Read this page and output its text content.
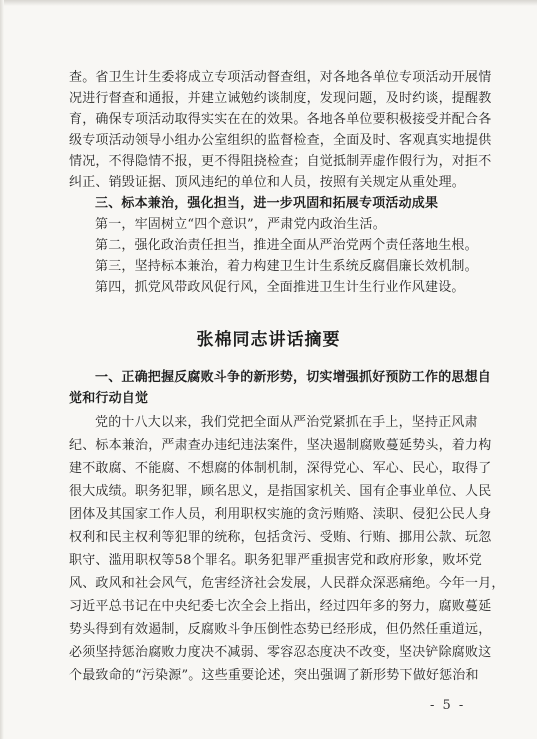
查。省卫生计生委将成立专项活动督查组，对各地各单位专项活动开展情
况进行督查和通报，并建立诫勉约谈制度，发现问题，及时约谈，提醒教
育，确保专项活动取得实实在在的效果。各地各单位要积极接受并配合各
级专项活动领导小组办公室组织的监督检查，全面及时、客观真实地提供
情况，不得隐情不报，更不得阻挠检查；自觉抵制弄虚作假行为，对拒不
纠正、销毁证据、顶风违纪的单位和人员，按照有关规定从重处理。
三、标本兼治，强化担当，进一步巩固和拓展专项活动成果
第一，牢固树立“四个意识”，严肃党内政治生活。
第二，强化政治责任担当，推进全面从严治党两个责任落地生根。
第三，坚持标本兼治，着力构建卫生计生系统反腐倡廉长效机制。
第四，抓党风带政风促行风，全面推进卫生计生行业作风建设。
张棉同志讲话摘要
一、正确把握反腐败斗争的新形势，切实增强抓好预防工作的思想自
觉和行动自觉
党的十八大以来，我们党把全面从严治党紧抓在手上，坚持正风肃
纪、标本兼治，严肃查办违纪违法案件，坚决遏制腐败蔓延势头，着力构
建不敢腐、不能腐、不想腐的体制机制，深得党心、军心、民心，取得了
很大成绩。职务犯罪，顾名思义，是指国家机关、国有企事业单位、人民
团体及其国家工作人员，利用职权实施的贪污贿赂、渎职、侵犯公民人身
权利和民主权利等犯罪的统称，包括贪污、受贿、行贿、挪用公款、玩忽
职守、滥用职权等58个罪名。职务犯罪严重损害党和政府形象，败坏党
风、政风和社会风气，危害经济社会发展，人民群众深恶痛绝。今年一月，
习近平总书记在中央纪委七次全会上指出，经过四年多的努力，腐败蔓延
势头得到有效遏制，反腐败斗争压倒性态势已经形成，但仍然任重道远，
必须坚持惩治腐败力度决不减弱、零容忍态度决不改变，坚决铲除腐败这
个最致命的“污染源”。这些重要论述，突出强调了新形势下做好惩治和
- 5 -
